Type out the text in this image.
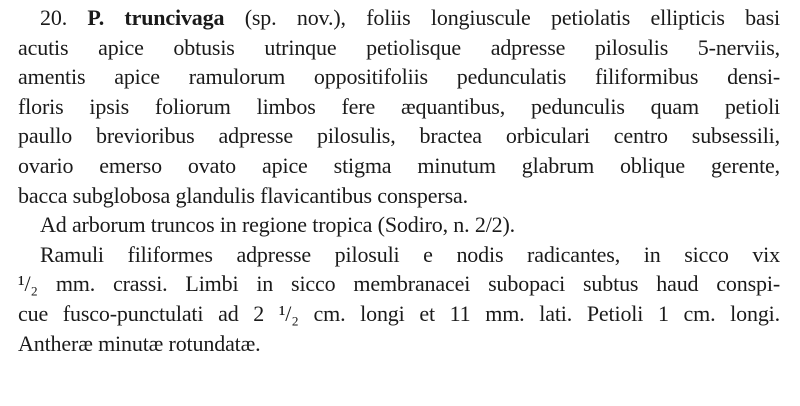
20. P. truncivaga (sp. nov.), foliis longiuscule petiolatis ellipticis basi
acutis apice obtusis utrinque petiolisque adpresse pilosulis 5-nerviis,
amentis apice ramulorum oppositifoliis pedunculatis filiformibus densi-
floris ipsis foliorum limbos fere æquantibus, pedunculis quam petioli
paullo brevioribus adpresse pilosulis, bractea orbiculari centro subsessili,
ovario emerso ovato apice stigma minutum glabrum oblique gerente,
bacca subglobosa glandulis flavicantibus conspersa.
Ad arborum truncos in regione tropica (Sodiro, n. 2/2).
Ramuli filiformes adpresse pilosuli e nodis radicantes, in sicco vix
¹/₂ mm. crassi. Limbi in sicco membranacei subopaci subtus haud conspi-
cue fusco-punctulati ad 2 ¹/₂ cm. longi et 11 mm. lati. Petioli 1 cm. longi.
Antheræ minutæ rotundatæ.
